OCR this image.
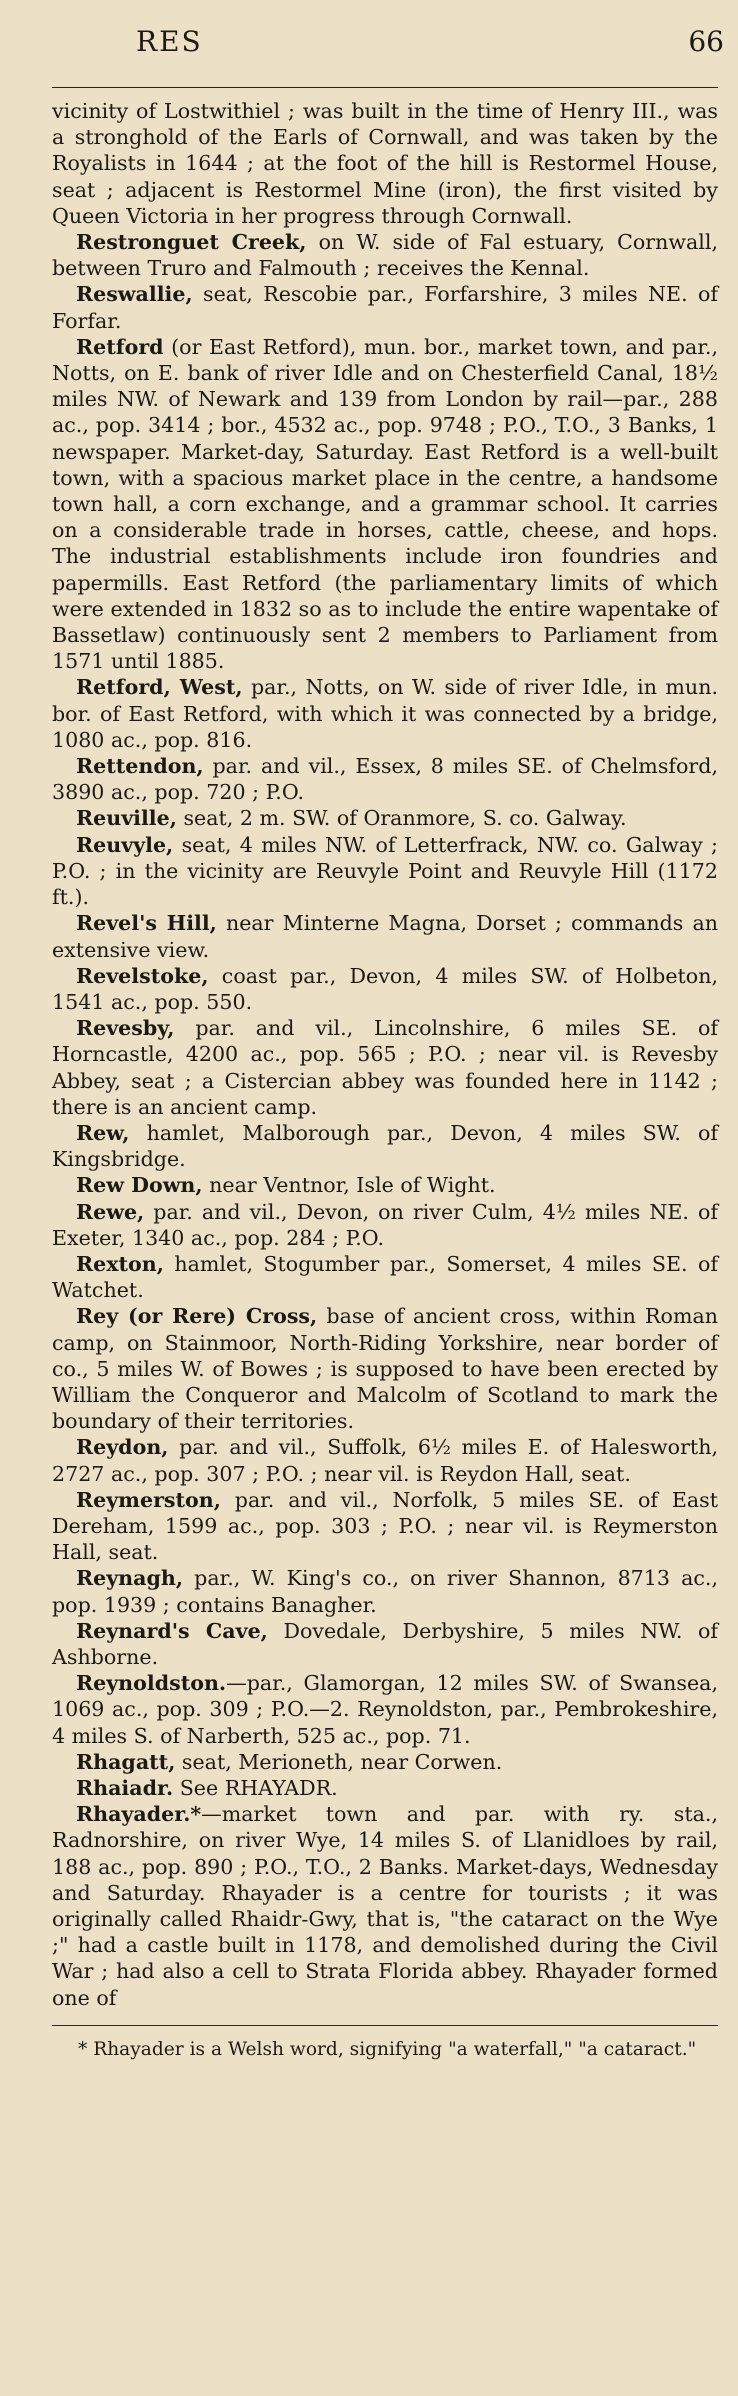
RES	66

vicinity of Lostwithiel ; was built in the time of Henry III., was a stronghold of the Earls of Cornwall, and was taken by the Royalists in 1644 ; at the foot of the hill is Restormel House, seat ; adjacent is Restormel Mine (iron), the first visited by Queen Victoria in her progress through Cornwall.

Restronguet Creek, on W. side of Fal estuary, Cornwall, between Truro and Falmouth ; receives the Kennal.

Reswallie, seat, Rescobie par., Forfarshire, 3 miles NE. of Forfar.

Retford (or East Retford), mun. bor., market town, and par., Notts, on E. bank of river Idle and on Chesterfield Canal, 18½ miles NW. of Newark and 139 from London by rail—par., 288 ac., pop. 3414 ; bor., 4532 ac., pop. 9748 ; P.O., T.O., 3 Banks, 1 newspaper. Market-day, Saturday. East Retford is a well-built town, with a spacious market place in the centre, a handsome town hall, a corn exchange, and a grammar school. It carries on a considerable trade in horses, cattle, cheese, and hops. The industrial establishments include iron foundries and papermills. East Retford (the parliamentary limits of which were extended in 1832 so as to include the entire wapentake of Bassetlaw) continuously sent 2 members to Parliament from 1571 until 1885.

Retford, West, par., Notts, on W. side of river Idle, in mun. bor. of East Retford, with which it was connected by a bridge, 1080 ac., pop. 816.

Rettendon, par. and vil., Essex, 8 miles SE. of Chelmsford, 3890 ac., pop. 720 ; P.O.

Reuville, seat, 2 m. SW. of Oranmore, S. co. Galway.

Reuvyle, seat, 4 miles NW. of Letterfrack, NW. co. Galway ; P.O. ; in the vicinity are Reuvyle Point and Reuvyle Hill (1172 ft.).

Revel's Hill, near Minterne Magna, Dorset ; commands an extensive view.

Revelstoke, coast par., Devon, 4 miles SW. of Holbeton, 1541 ac., pop. 550.

Revesby, par. and vil., Lincolnshire, 6 miles SE. of Horncastle, 4200 ac., pop. 565 ; P.O. ; near vil. is Revesby Abbey, seat ; a Cistercian abbey was founded here in 1142 ; there is an ancient camp.

Rew, hamlet, Malborough par., Devon, 4 miles SW. of Kingsbridge.

Rew Down, near Ventnor, Isle of Wight.

Rewe, par. and vil., Devon, on river Culm, 4½ miles NE. of Exeter, 1340 ac., pop. 284 ; P.O.

Rexton, hamlet, Stogumber par., Somerset, 4 miles SE. of Watchet.

Rey (or Rere) Cross, base of ancient cross, within Roman camp, on Stainmoor, North-Riding Yorkshire, near border of co., 5 miles W. of Bowes ; is supposed to have been erected by William the Conqueror and Malcolm of Scotland to mark the boundary of their territories.

Reydon, par. and vil., Suffolk, 6½ miles E. of Halesworth, 2727 ac., pop. 307 ; P.O. ; near vil. is Reydon Hall, seat.

Reymerston, par. and vil., Norfolk, 5 miles SE. of East Dereham, 1599 ac., pop. 303 ; P.O. ; near vil. is Reymerston Hall, seat.

Reynagh, par., W. King's co., on river Shannon, 8713 ac., pop. 1939 ; contains Banagher.

Reynard's Cave, Dovedale, Derbyshire, 5 miles NW. of Ashborne.

Reynoldston.—par., Glamorgan, 12 miles SW. of Swansea, 1069 ac., pop. 309 ; P.O.—2. Reynoldston, par., Pembrokeshire, 4 miles S. of Narberth, 525 ac., pop. 71.

Rhagatt, seat, Merioneth, near Corwen.

Rhaiadr. See RHAYADR.

Rhayader.*—market town and par. with ry. sta., Radnorshire, on river Wye, 14 miles S. of Llanidloes by rail, 188 ac., pop. 890 ; P.O., T.O., 2 Banks. Market-days, Wednesday and Saturday. Rhayader is a centre for tourists ; it was originally called Rhaidr-Gwy, that is, "the cataract on the Wye ;" had a castle built in 1178, and demolished during the Civil War ; had also a cell to Strata Florida abbey. Rhayader formed one of

* Rhayader is a Welsh word, signifying "a waterfall," "a cataract."
